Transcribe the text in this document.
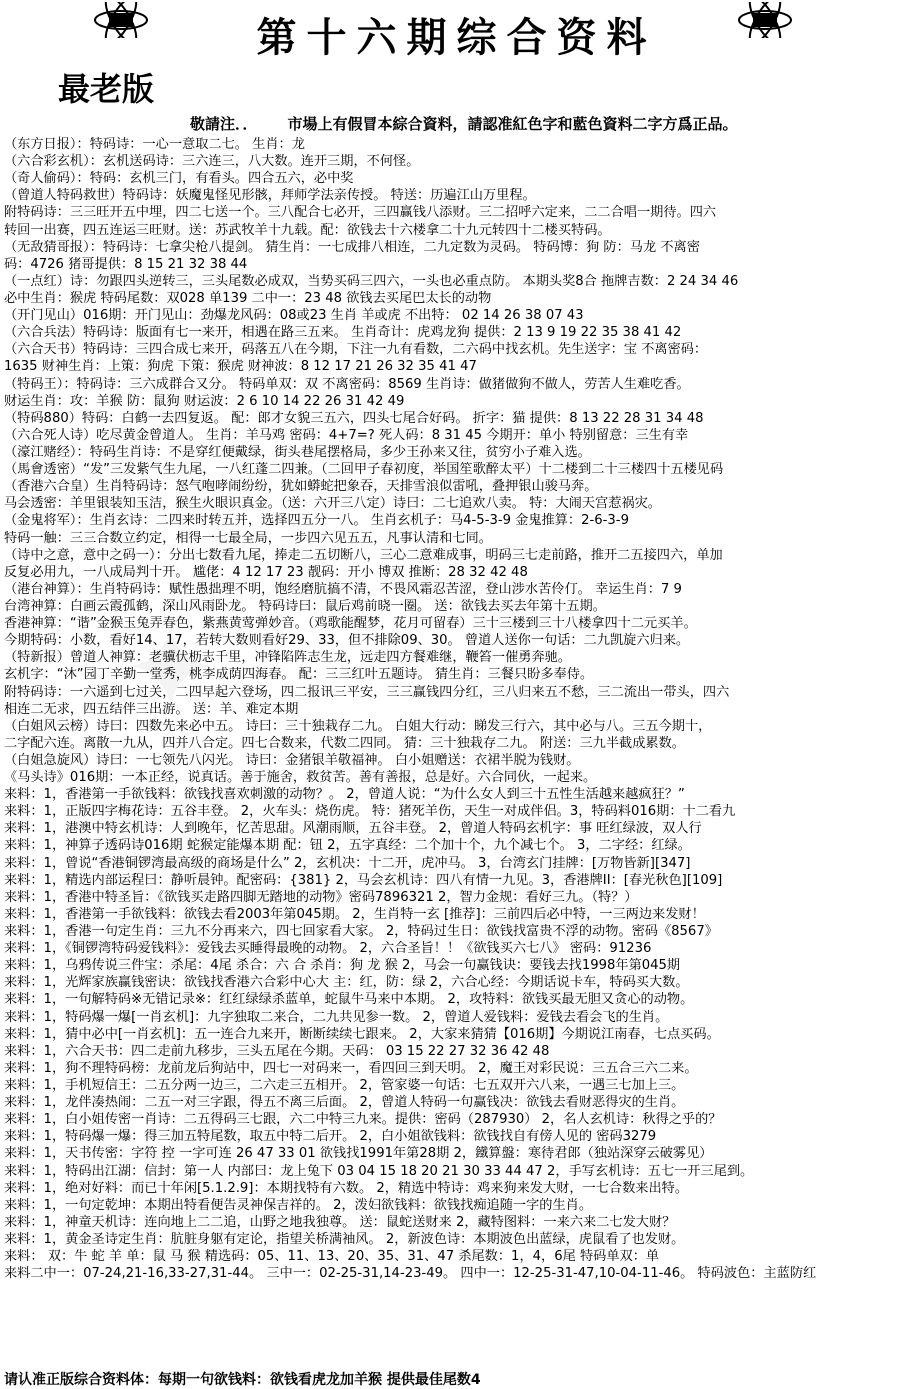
第十六期综合资料
最老版
敬請注．． 市場上有假冒本綜合資料，請認准紅色字和藍色資料二字方爲正品。
（东方日报）：特码诗：一心一意取二七。 生肖：龙
（六合彩玄机）：玄机送码诗：三六连三，八大数。连开三期，不何怪。
（奇人偷码）：特码：玄机三门，有看头。四合五六，必中奖
（曾道人特码救世）特码诗：妖魔鬼怪见形骸，拜师学法亲传授。 特送：历遍江山万里程。
附特码诗：三三旺开五中埋，四二七送一个。三八配合七必开，三四赢钱八添财。三二招呼六定来，二二合唱一期待。四六
转回一出赛，四五连运三旺财。送：苏武牧羊十九载。配：欲钱去十六楼拿二十九元转四十二楼买特码。
（无敌猜哥报）：特码诗：七拿尖枪八提剑。 猜生肖：一七成排八相连，二九定数为灵码。 特码博：狗 防：马龙 不离密
码：4726 猪哥提供：8 15 21 32 38 44
（一点红）诗：勿跟四头逆转三，三头尾数必成双，当势买码三四六，一头也必重点防。 本期头奖8合 拖牌吉数：2 24 34 46
必中生肖：猴虎 特码尾数：双028 单139 二中一：23 48 欲钱去买尾巴太长的动物
（开门见山）016期：开门见山：劲爆龙风码：08或23 生肖 羊或虎 不出特： 02 14 26 38 07 43
（六合兵法）特码诗：版面有七一来开，相遇在路三五来。 生肖奇计：虎鸡龙狗 提供：2 13 9 19 22 35 38 41 42
（六合天书）特码诗：三四合成七来开，码落五八在今期，下注一九有看数，二六码中找玄机。先生送字：宝 不离密码：
1635 财神生肖：上策：狗虎 下策：猴虎 财神波：8 12 17 21 26 32 35 41 47
（特码王）：特码诗：三六成群合又分。 特码单双：双 不离密码：8569 生肖诗：做猪做狗不做人，劳苦人生难吃香。
财运生肖：攻：羊猴 防：鼠狗 财运波：2 6 10 14 22 26 31 42 49
（特码880）特码：白鹤一去四复返。 配：郎才女貌三五六，四头七尾合好码。 折字：猫 提供：8 13 22 28 31 34 48
（六合死人诗）吃尽黄金曾道人。 生肖：羊马鸡 密码：4+7=? 死人码：8 31 45 今期开：单小 特别留意：三生有幸
（濠江赌经）：特码生肖诗：不是穿红便戴绿，街头巷尾摆格局，多少王孙来又往，贫穷小子难入选。
（馬會透密）“发”三发紫气生九尾，一八红蓬二四兼。（二回甲子春初度，举国笙歌醉太平）十二楼到二十三楼四十五楼见码
（香港六合皇）生肖特码诗：怒气咆哮闹纷纷，犹如蟒蛇把象吞，天排雪浪似雷吼，叠押银山骏马奔。
马会透密：羊里银装知玉洁，猴生火眼识真金。（送：六开三八定）诗曰：二七追欢八卖。 特：大闹天宫惹祸灾。
（金鬼将军）：生肖玄诗：二四来时转五并，选择四五分一八。 生肖玄机子：马4-5-3-9 金鬼推算：2-6-3-9
特码一触：三三合数立约定，相得一七最全局，一步四六见五五，凡事认清和七同。
（诗中之意，意中之码一）：分出七数看九尾，捧走二五切断八，三心二意难成事，明码三七走前路，推开二五接四六，单加
反复必用九，一八成局判十开。 尴佬：4 12 17 23 靓码：开小 博双 推断：28 32 42 48
（港台神算）：生肖特码诗：赋性愚拙理不明，饱经磨肮搞不清，不畏风霜忍苦涩，登山涉水苦伶仃。 幸运生肖：7 9
台湾神算：白画云霞孤鹤，深山风雨卧龙。 特码诗曰：鼠后鸡前晓一圈。 送：欲钱去买去年第十五期。
香港神算：“谐”金猴玉兔弄春色，紫燕黄莺弹妙音。（鸡歌能醒梦，花月可留春）三十三楼到三十八楼拿四十二元买羊。
今期特码：小数，看好14、17，若转大数则看好29、33，但不排除09、30。 曾道人送你一句话：二九凯旋六归来。
（特新报）曾道人神算：老骥伏枥志千里，冲锋陷阵志生龙，远走四方餐难继，鞭笞一催勇奔驰。
玄机字：“沐”园丁辛勤一堂秀，桃李成荫四海春。 配：三三红叶五题诗。 猜生肖：三餐只盼多奉侍。
附特码诗：一六遥到七过关，二四早起六登场，四二报讯三平安，三三赢钱四分红，三八归来五不愁，三二流出一带头，四六
相连二无求，四五结伴三出游。 送：羊、难定本期
（白姐风云榜）诗曰：四数先来必中五。 诗曰：三十独栽存二九。 白姐大行动：睇发三行六，其中必与八。三五今期十，
二字配六连。离散一九从，四并八合定。四七合数来，代数二四同。 猜：三十独栽存二九。 附送：三九半截成累数。
（白姐急旋风）诗曰：一七领先八闪光。 诗曰：金猪银羊敬福神。 白小姐赠送：衣裙半脱为钱财。
《马头诗》016期：一本正经，说真话。善于施舍，救贫苦。善有善报，总是好。六合同伙，一起来。
来料：1，香港第一手欲钱料：欲钱找喜欢刺激的动物？。 2，曾道人说：“为什么女人到三十五性生活越来越疯狂？”
来料：1，正版四字梅花诗：五谷丰登。 2，火车头：烧伤虎。 特：猪死羊伤，天生一对成伴侣。3，特码料016期：十二看九
来料：1，港澳中特玄机诗：人到晚年，忆苦思甜。风潮雨顺，五谷丰登。 2，曾道人特码玄机字：事 旺红绿波，双人行
来料：1，神算子透码诗016期 蛇猴定能爆本期 配：钮 2，五字真经：二个加十个，九个减七个。 3，二字经：红绿。
来料：1，曾说“香港铜锣湾最高级的商场是什么” 2，玄机决：十二开，虎冲马。 3，台湾玄门挂牌：[万物皆新][347]
来料：1，精选内部运程曰：静听晨钟。配密码：{381} 2，马会玄机诗：四八有情一九见。3，香港牌II：[春光秋色][109]
来料：1，香港中特圣旨：《欲钱买走路四脚无踏地的动物》密码7896321 2，智力金规：看好三九。（特？）
来料：1，香港第一手欲钱料：欲钱去看2003年第045期。 2，生肖特一玄 [推荐]：三前四后必中特，一三两边来发财！
来料：1，香港一句定生肖：三九不分再来六，四七回家看大家。 2，特码过生日：欲钱找富贵不浮的动物。密码《8567》
来料：1，《铜锣湾特码爱钱料》：爱钱去买睡得最晚的动物。 2，六合圣旨！！《欲钱买六七八》 密码：91236
来料：1，乌鸦传说三件宝：杀尾：4尾 杀合：六 合 杀肖：狗 龙 猴 2，马会一句赢钱诀：要钱去找1998年第045期
来料：1，光辉家族赢钱密诀：欲钱找香港六合彩中心大 主：红，防：绿 2，六合心经：今期话说卡车，特码买大数。
来料：1，一句解特码※无错记录※：红红绿绿杀蓝单，蛇鼠牛马来中本期。 2，攻特料：欲钱买最无胆又贪心的动物。
来料：1，特码爆一爆[一肖玄机]：九字独取二来合，二九共见参一数。 2，曾道人爱钱料：爱钱去看会飞的生肖。
来料：1，猜中必中[一肖玄机]：五一连合九来开，断断续续七跟来。 2，大家来猜猜【016期】今期说江南春，七点买码。
来料：1，六合天书：四二走前九移步，三头五尾在今期。天码： 03 15 22 27 32 36 42 48
来料：1，狗不理特码榜：龙前龙后狗站中，四七一对码来一，看四回三到天明。 2，魔王对彩民说：三五合三六二来。
来料：1，手机短信王：二五分两一边三，二六走三五相开。 2，管家婆一句话：七五双开六八来，一遇三七加上三。
来料：1，龙伴凑热闹：二五一对三字跟，得五不离三后面。 2，曾道人特码一句赢钱决：欲钱去看财恶得灾的生肖。
来料：1，白小姐传密一肖诗：二五得码三七跟，六二中特三九来。提供：密码（287930） 2，名人玄机诗：秋得之乎的？
来料：1，特码爆一爆：得三加五特尾数，取五中特二后开。 2，白小姐欲钱料：欲钱找自有傍人见的 密码3279
来料：1，天书传密：字符 控 一字可连 26 47 33 01 欲钱找1991年第28期 2，鐵算盤：寒待君郎（独站深穿云破雾见）
来料：1，特码出江湖：信封：第一人 内部曰：龙上兔下 03 04 15 18 20 21 30 33 44 47 2，手写玄机诗：五七一开三尾到。
来料：1，绝对好料：而已十年闲[5.1.2.9]：本期找特有六数。 2，精选中特诗：鸡来狗来发大财，一七合数来出特。
来料：1，一句定乾坤：本期出特看便告灵神保吉祥的。 2，泼妇欲钱料：欲钱找痴追随一字的生肖。
来料：1，神童天机诗：连向地上二二追，山野之地我独尊。 送：鼠蛇送财来 2，藏特图料：一来六来二七发大财？
来料：1，黄金圣诗定生肖：肮脏身躯有定论，指望关桥满袖风。 2，新波色诗：本期波色出蓝绿，虎鼠看了也发财。
来料： 双：牛 蛇 羊 单：鼠 马 猴 精选码：05、11、13、20、35、31、47 杀尾数：1，4，6尾 特码单双：单
来料二中一：07-24,21-16,33-27,31-44。 三中一：02-25-31,14-23-49。 四中一：12-25-31-47,10-04-11-46。 特码波色：主蓝防红
请认准正版综合资料体：每期一句欲钱料：欲钱看虎龙加羊猴 提供最佳尾数4
